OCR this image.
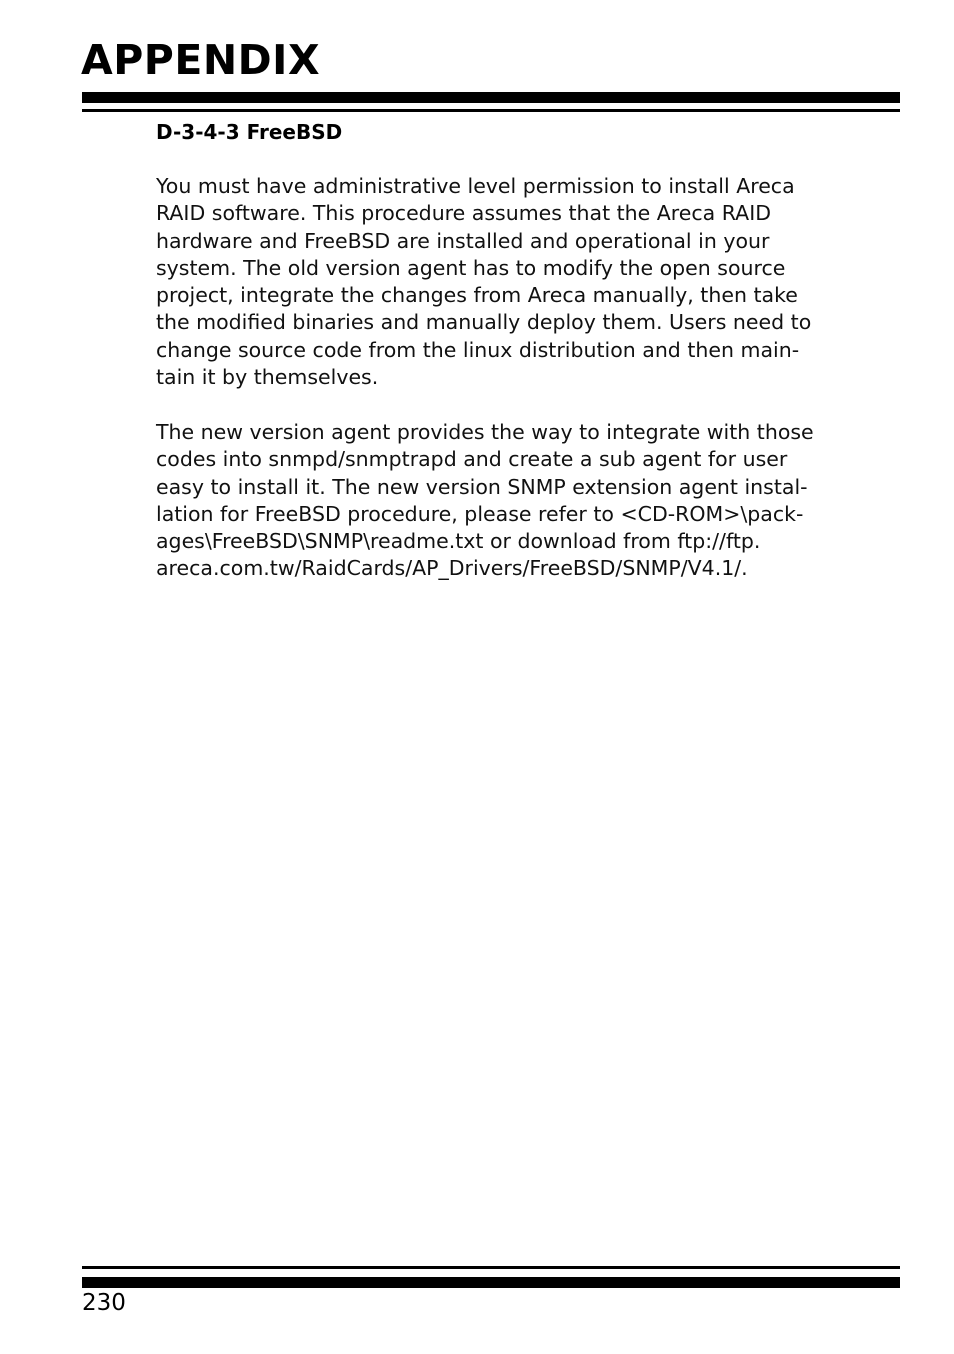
APPENDIX
D-3-4-3 FreeBSD

You must have administrative level permission to install Areca
RAID software. This procedure assumes that the Areca RAID
hardware and FreeBSD are installed and operational in your
system. The old version agent has to modify the open source
project, integrate the changes from Areca manually, then take
the modified binaries and manually deploy them. Users need to
change source code from the linux distribution and then main-
tain it by themselves.

The new version agent provides the way to integrate with those
codes into snmpd/snmptrapd and create a sub agent for user
easy to install it. The new version SNMP extension agent instal-
lation for FreeBSD procedure, please refer to <CD-ROM>\pack-
ages\FreeBSD\SNMP\readme.txt or download from ftp://ftp.
areca.com.tw/RaidCards/AP_Drivers/FreeBSD/SNMP/V4.1/.

230
